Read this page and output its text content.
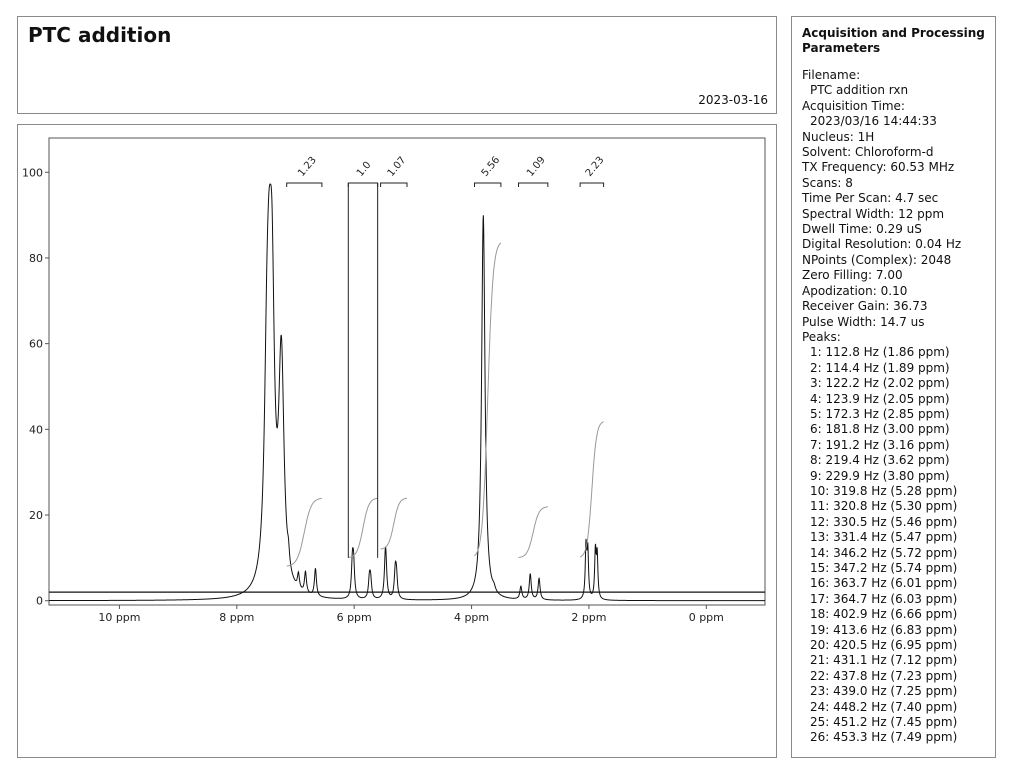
PTC addition
2023-03-16
0
20
40
60
80
100
10 ppm	8 ppm	6 ppm	4 ppm	2 ppm	0 ppm
1.23	1.0 1.07	5.56 1.09	2.23
Acquisition and Processing Parameters
Filename:
PTC addition rxn
Acquisition Time:
2023/03/16 14:44:33
Nucleus: 1H
Solvent: Chloroform-d
TX Frequency: 60.53 MHz
Scans: 8
Time Per Scan: 4.7 sec
Spectral Width: 12 ppm
Dwell Time: 0.29 uS
Digital Resolution: 0.04 Hz
NPoints (Complex): 2048
Zero Filling: 7.00
Apodization: 0.10
Receiver Gain: 36.73
Pulse Width: 14.7 us
Peaks:
1: 112.8 Hz (1.86 ppm)
2: 114.4 Hz (1.89 ppm)
3: 122.2 Hz (2.02 ppm)
4: 123.9 Hz (2.05 ppm)
5: 172.3 Hz (2.85 ppm)
6: 181.8 Hz (3.00 ppm)
7: 191.2 Hz (3.16 ppm)
8: 219.4 Hz (3.62 ppm)
9: 229.9 Hz (3.80 ppm)
10: 319.8 Hz (5.28 ppm)
11: 320.8 Hz (5.30 ppm)
12: 330.5 Hz (5.46 ppm)
13: 331.4 Hz (5.47 ppm)
14: 346.2 Hz (5.72 ppm)
15: 347.2 Hz (5.74 ppm)
16: 363.7 Hz (6.01 ppm)
17: 364.7 Hz (6.03 ppm)
18: 402.9 Hz (6.66 ppm)
19: 413.6 Hz (6.83 ppm)
20: 420.5 Hz (6.95 ppm)
21: 431.1 Hz (7.12 ppm)
22: 437.8 Hz (7.23 ppm)
23: 439.0 Hz (7.25 ppm)
24: 448.2 Hz (7.40 ppm)
25: 451.2 Hz (7.45 ppm)
26: 453.3 Hz (7.49 ppm)
